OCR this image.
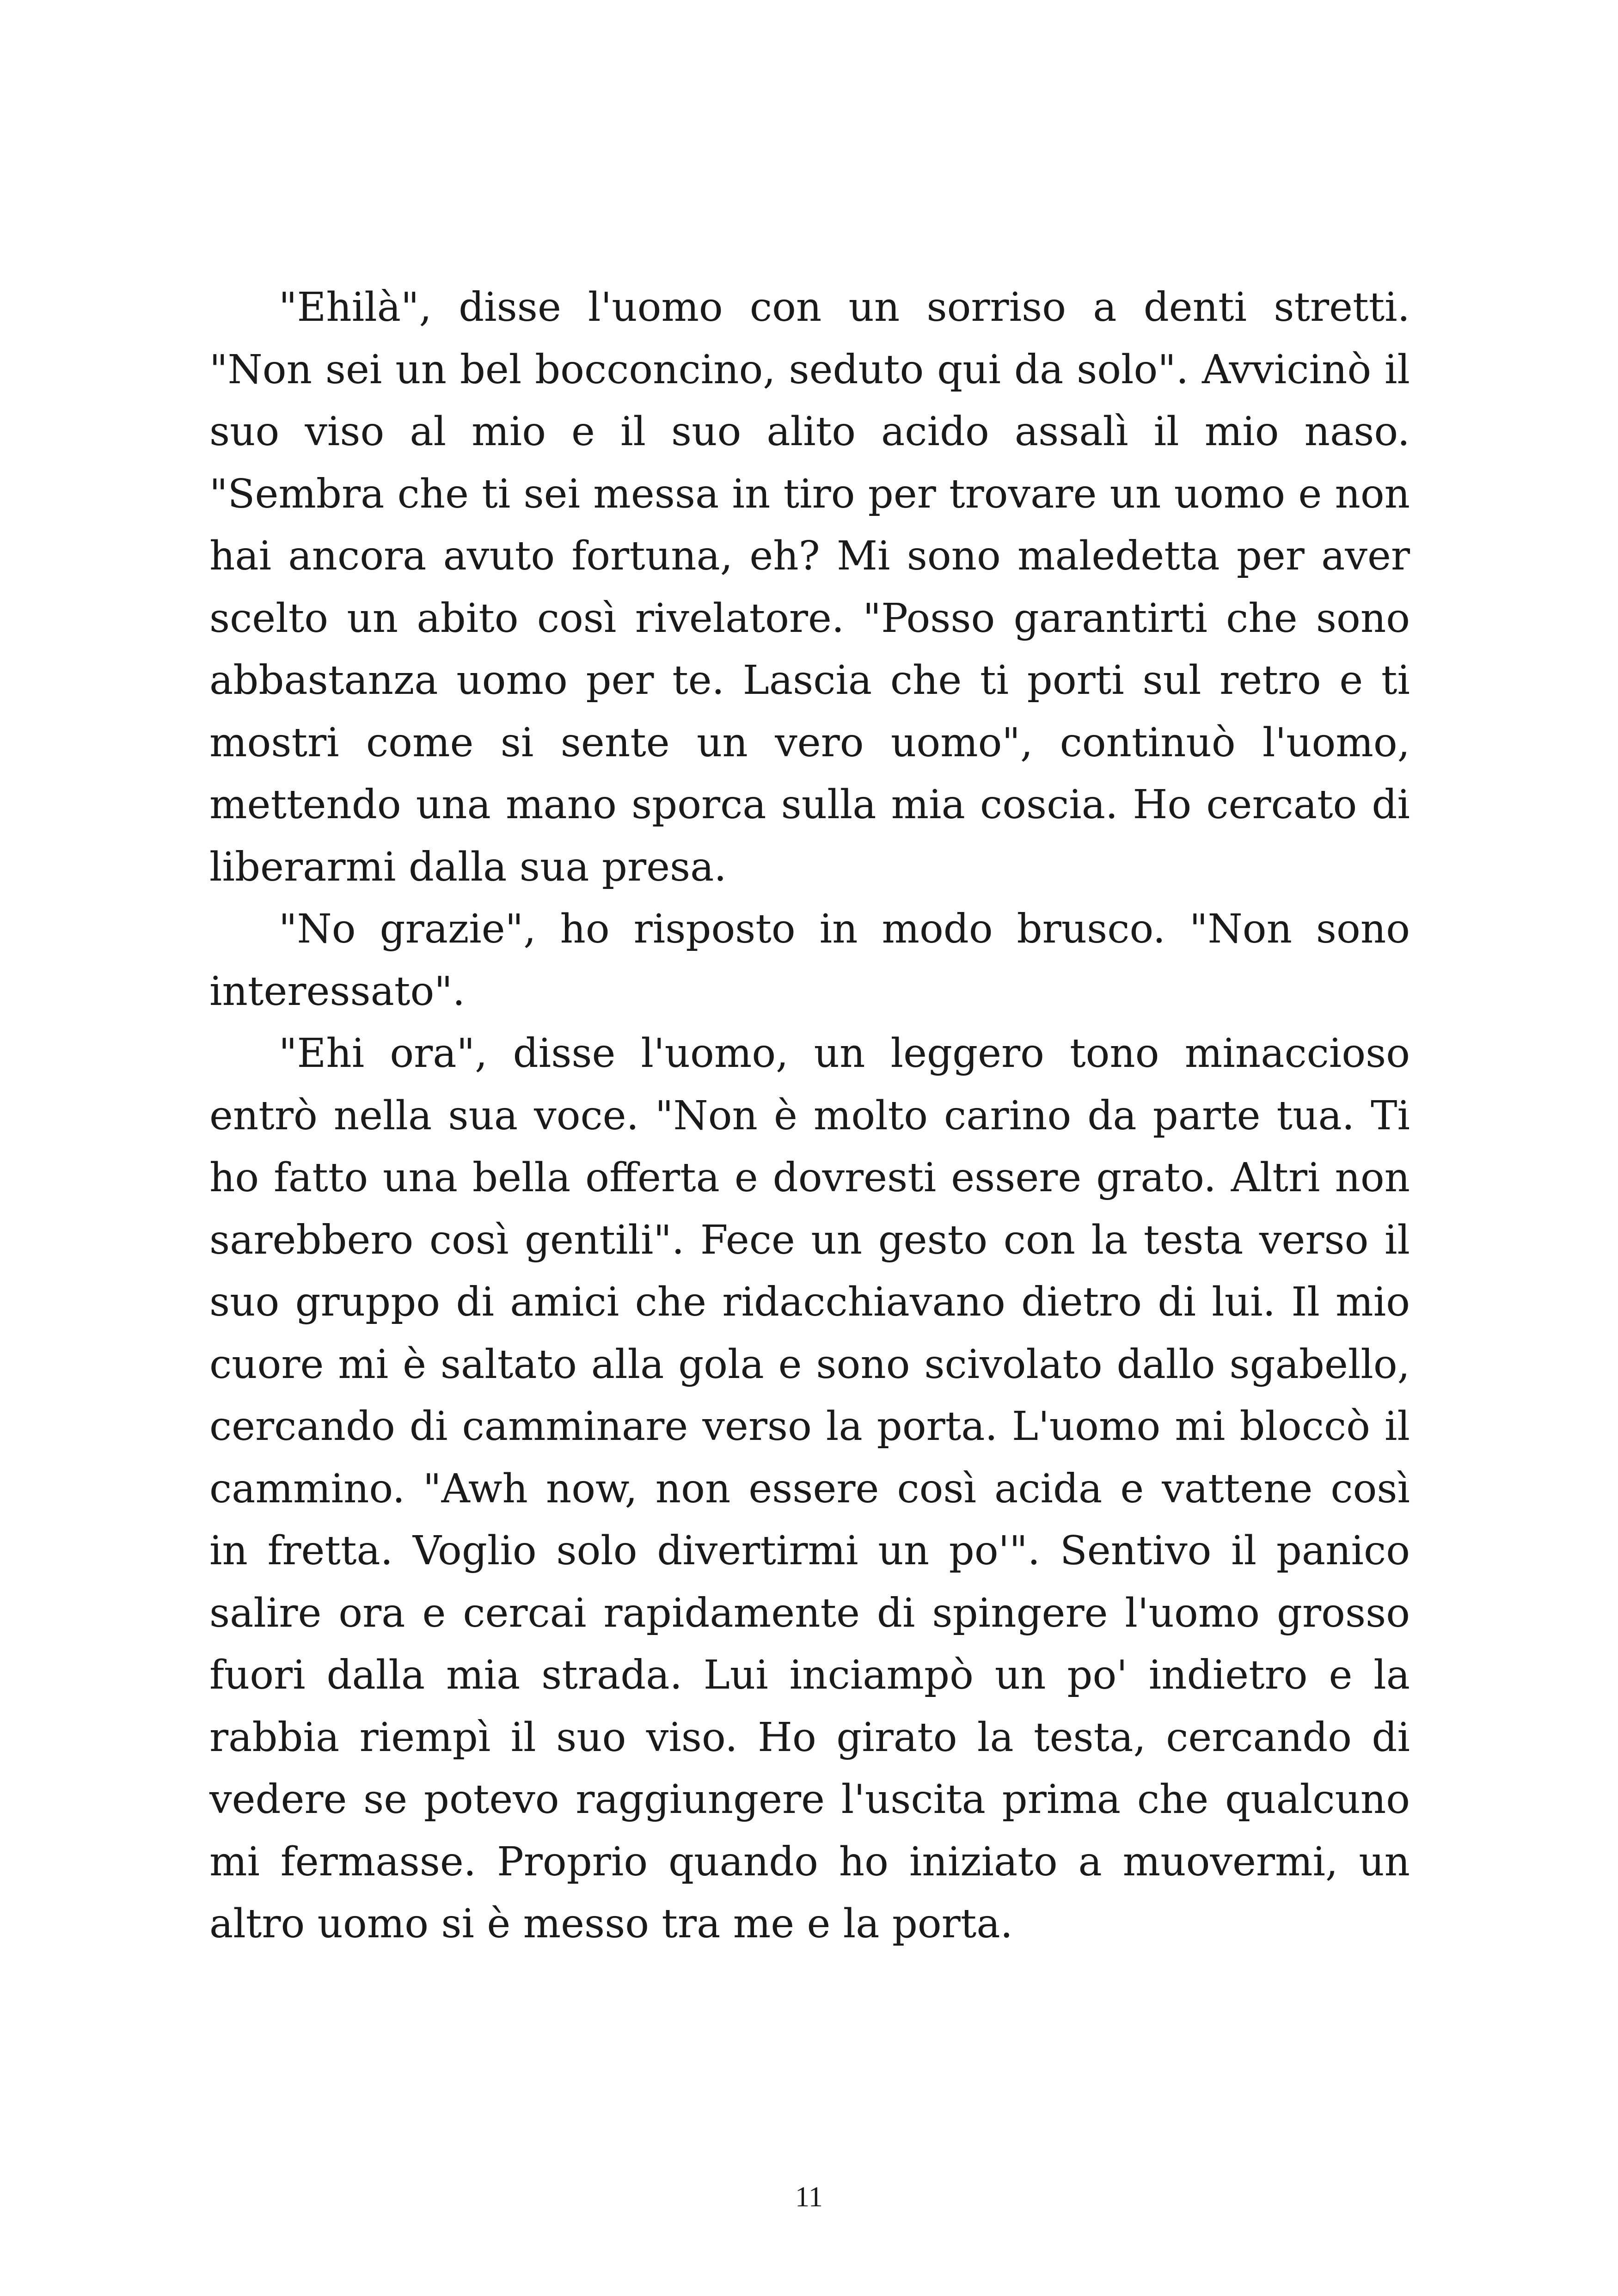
"Ehilà", disse l'uomo con un sorriso a denti stretti. "Non sei un bel bocconcino, seduto qui da solo". Avvicinò il suo viso al mio e il suo alito acido assalì il mio naso. "Sembra che ti sei messa in tiro per trovare un uomo e non hai ancora avuto fortuna, eh? Mi sono maledetta per aver scelto un abito così rivelatore. "Posso garantirti che sono abbastanza uomo per te. Lascia che ti porti sul retro e ti mostri come si sente un vero uomo", continuò l'uomo, mettendo una mano sporca sulla mia coscia. Ho cercato di liberarmi dalla sua presa.

"No grazie", ho risposto in modo brusco. "Non sono interessato".

"Ehi ora", disse l'uomo, un leggero tono minaccioso entrò nella sua voce. "Non è molto carino da parte tua. Ti ho fatto una bella offerta e dovresti essere grato. Altri non sarebbero così gentili". Fece un gesto con la testa verso il suo gruppo di amici che ridacchiavano dietro di lui. Il mio cuore mi è saltato alla gola e sono scivolato dallo sgabello, cercando di camminare verso la porta. L'uomo mi bloccò il cammino. "Awh now, non essere così acida e vattene così in fretta. Voglio solo divertirmi un po'". Sentivo il panico salire ora e cercai rapidamente di spingere l'uomo grosso fuori dalla mia strada. Lui inciampò un po' indietro e la rabbia riempì il suo viso. Ho girato la testa, cercando di vedere se potevo raggiungere l'uscita prima che qualcuno mi fermasse. Proprio quando ho iniziato a muovermi, un altro uomo si è messo tra me e la porta.

11
